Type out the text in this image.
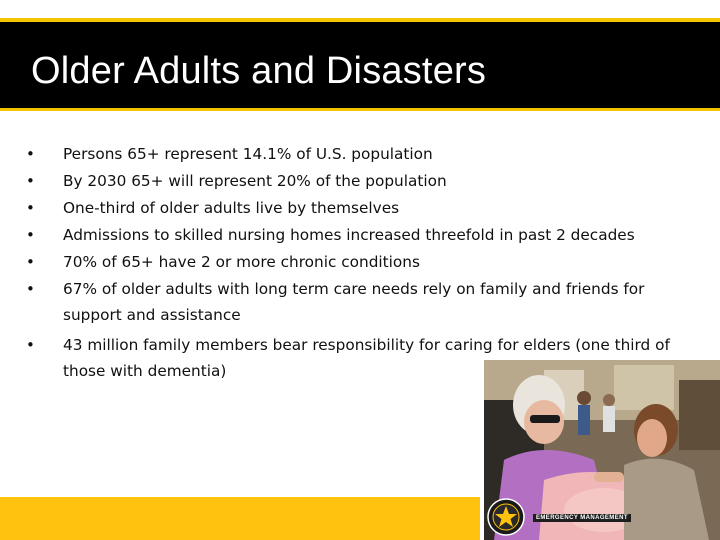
Older Adults and Disasters
• Persons 65+ represent 14.1% of U.S. population
• By 2030 65+ will represent 20% of the population
• One-third of older adults live by themselves
• Admissions to skilled nursing homes increased threefold in past 2 decades
• 70% of 65+ have 2 or more chronic conditions
• 67% of older adults with long term care needs rely on family and friends for support and assistance
• 43 million family members bear responsibility for caring for elders (one third of those with dementia)
EMERGENCY MANAGEMENT
